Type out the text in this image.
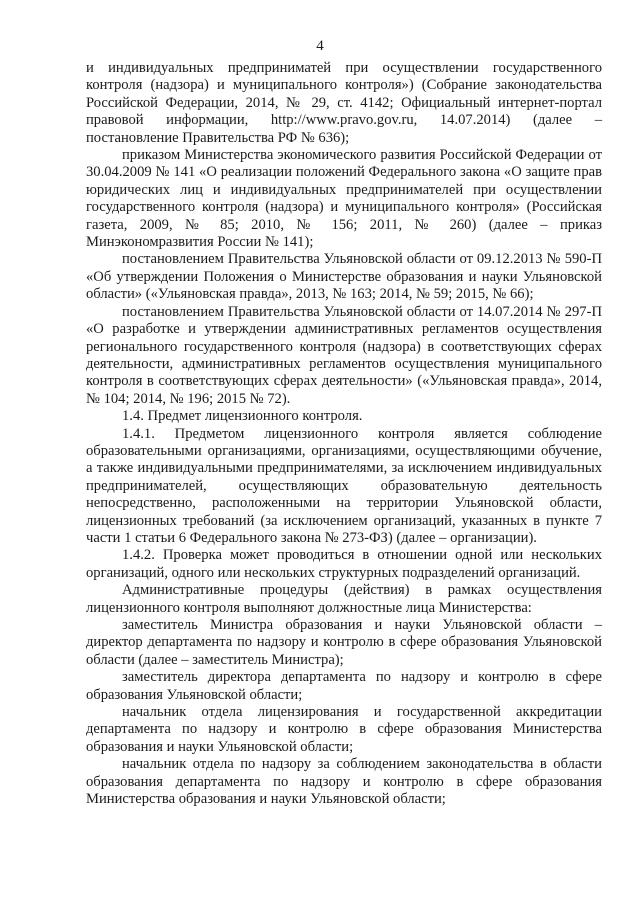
4

и индивидуальных предприниматей при осуществлении государственного контроля (надзора) и муниципального контроля») (Собрание законодательства Российской Федерации, 2014, № 29, ст. 4142; Официальный интернет-портал правовой информации, http://www.pravo.gov.ru, 14.07.2014) (далее – постановление Правительства РФ № 636);

приказом Министерства экономического развития Российской Федерации от 30.04.2009 № 141 «О реализации положений Федерального закона «О защите прав юридических лиц и индивидуальных предпринимателей при осуществлении государственного контроля (надзора) и муниципального контроля» (Российская газета, 2009, № 85; 2010, № 156; 2011, № 260) (далее – приказ Минэкономразвития России № 141);

постановлением Правительства Ульяновской области от 09.12.2013 № 590-П «Об утверждении Положения о Министерстве образования и науки Ульяновской области» («Ульяновская правда», 2013, № 163; 2014, № 59; 2015, № 66);

постановлением Правительства Ульяновской области от 14.07.2014 № 297-П «О разработке и утверждении административных регламентов осуществления регионального государственного контроля (надзора) в соответствующих сферах деятельности, административных регламентов осуществления муниципального контроля в соответствующих сферах деятельности» («Ульяновская правда», 2014, № 104; 2014, № 196; 2015 № 72).

1.4. Предмет лицензионного контроля.

1.4.1. Предметом лицензионного контроля является соблюдение образовательными организациями, организациями, осуществляющими обучение, а также индивидуальными предпринимателями, за исключением индивидуальных предпринимателей, осуществляющих образовательную деятельность непосредственно, расположенными на территории Ульяновской области, лицензионных требований (за исключением организаций, указанных в пункте 7 части 1 статьи 6 Федерального закона № 273-ФЗ) (далее – организации).

1.4.2. Проверка может проводиться в отношении одной или нескольких организаций, одного или нескольких структурных подразделений организаций.

Административные процедуры (действия) в рамках осуществления лицензионного контроля выполняют должностные лица Министерства:

заместитель Министра образования и науки Ульяновской области – директор департамента по надзору и контролю в сфере образования Ульяновской области (далее – заместитель Министра);

заместитель директора департамента по надзору и контролю в сфере образования Ульяновской области;

начальник отдела лицензирования и государственной аккредитации департамента по надзору и контролю в сфере образования Министерства образования и науки Ульяновской области;

начальник отдела по надзору за соблюдением законодательства в области образования департамента по надзору и контролю в сфере образования Министерства образования и науки Ульяновской области;
